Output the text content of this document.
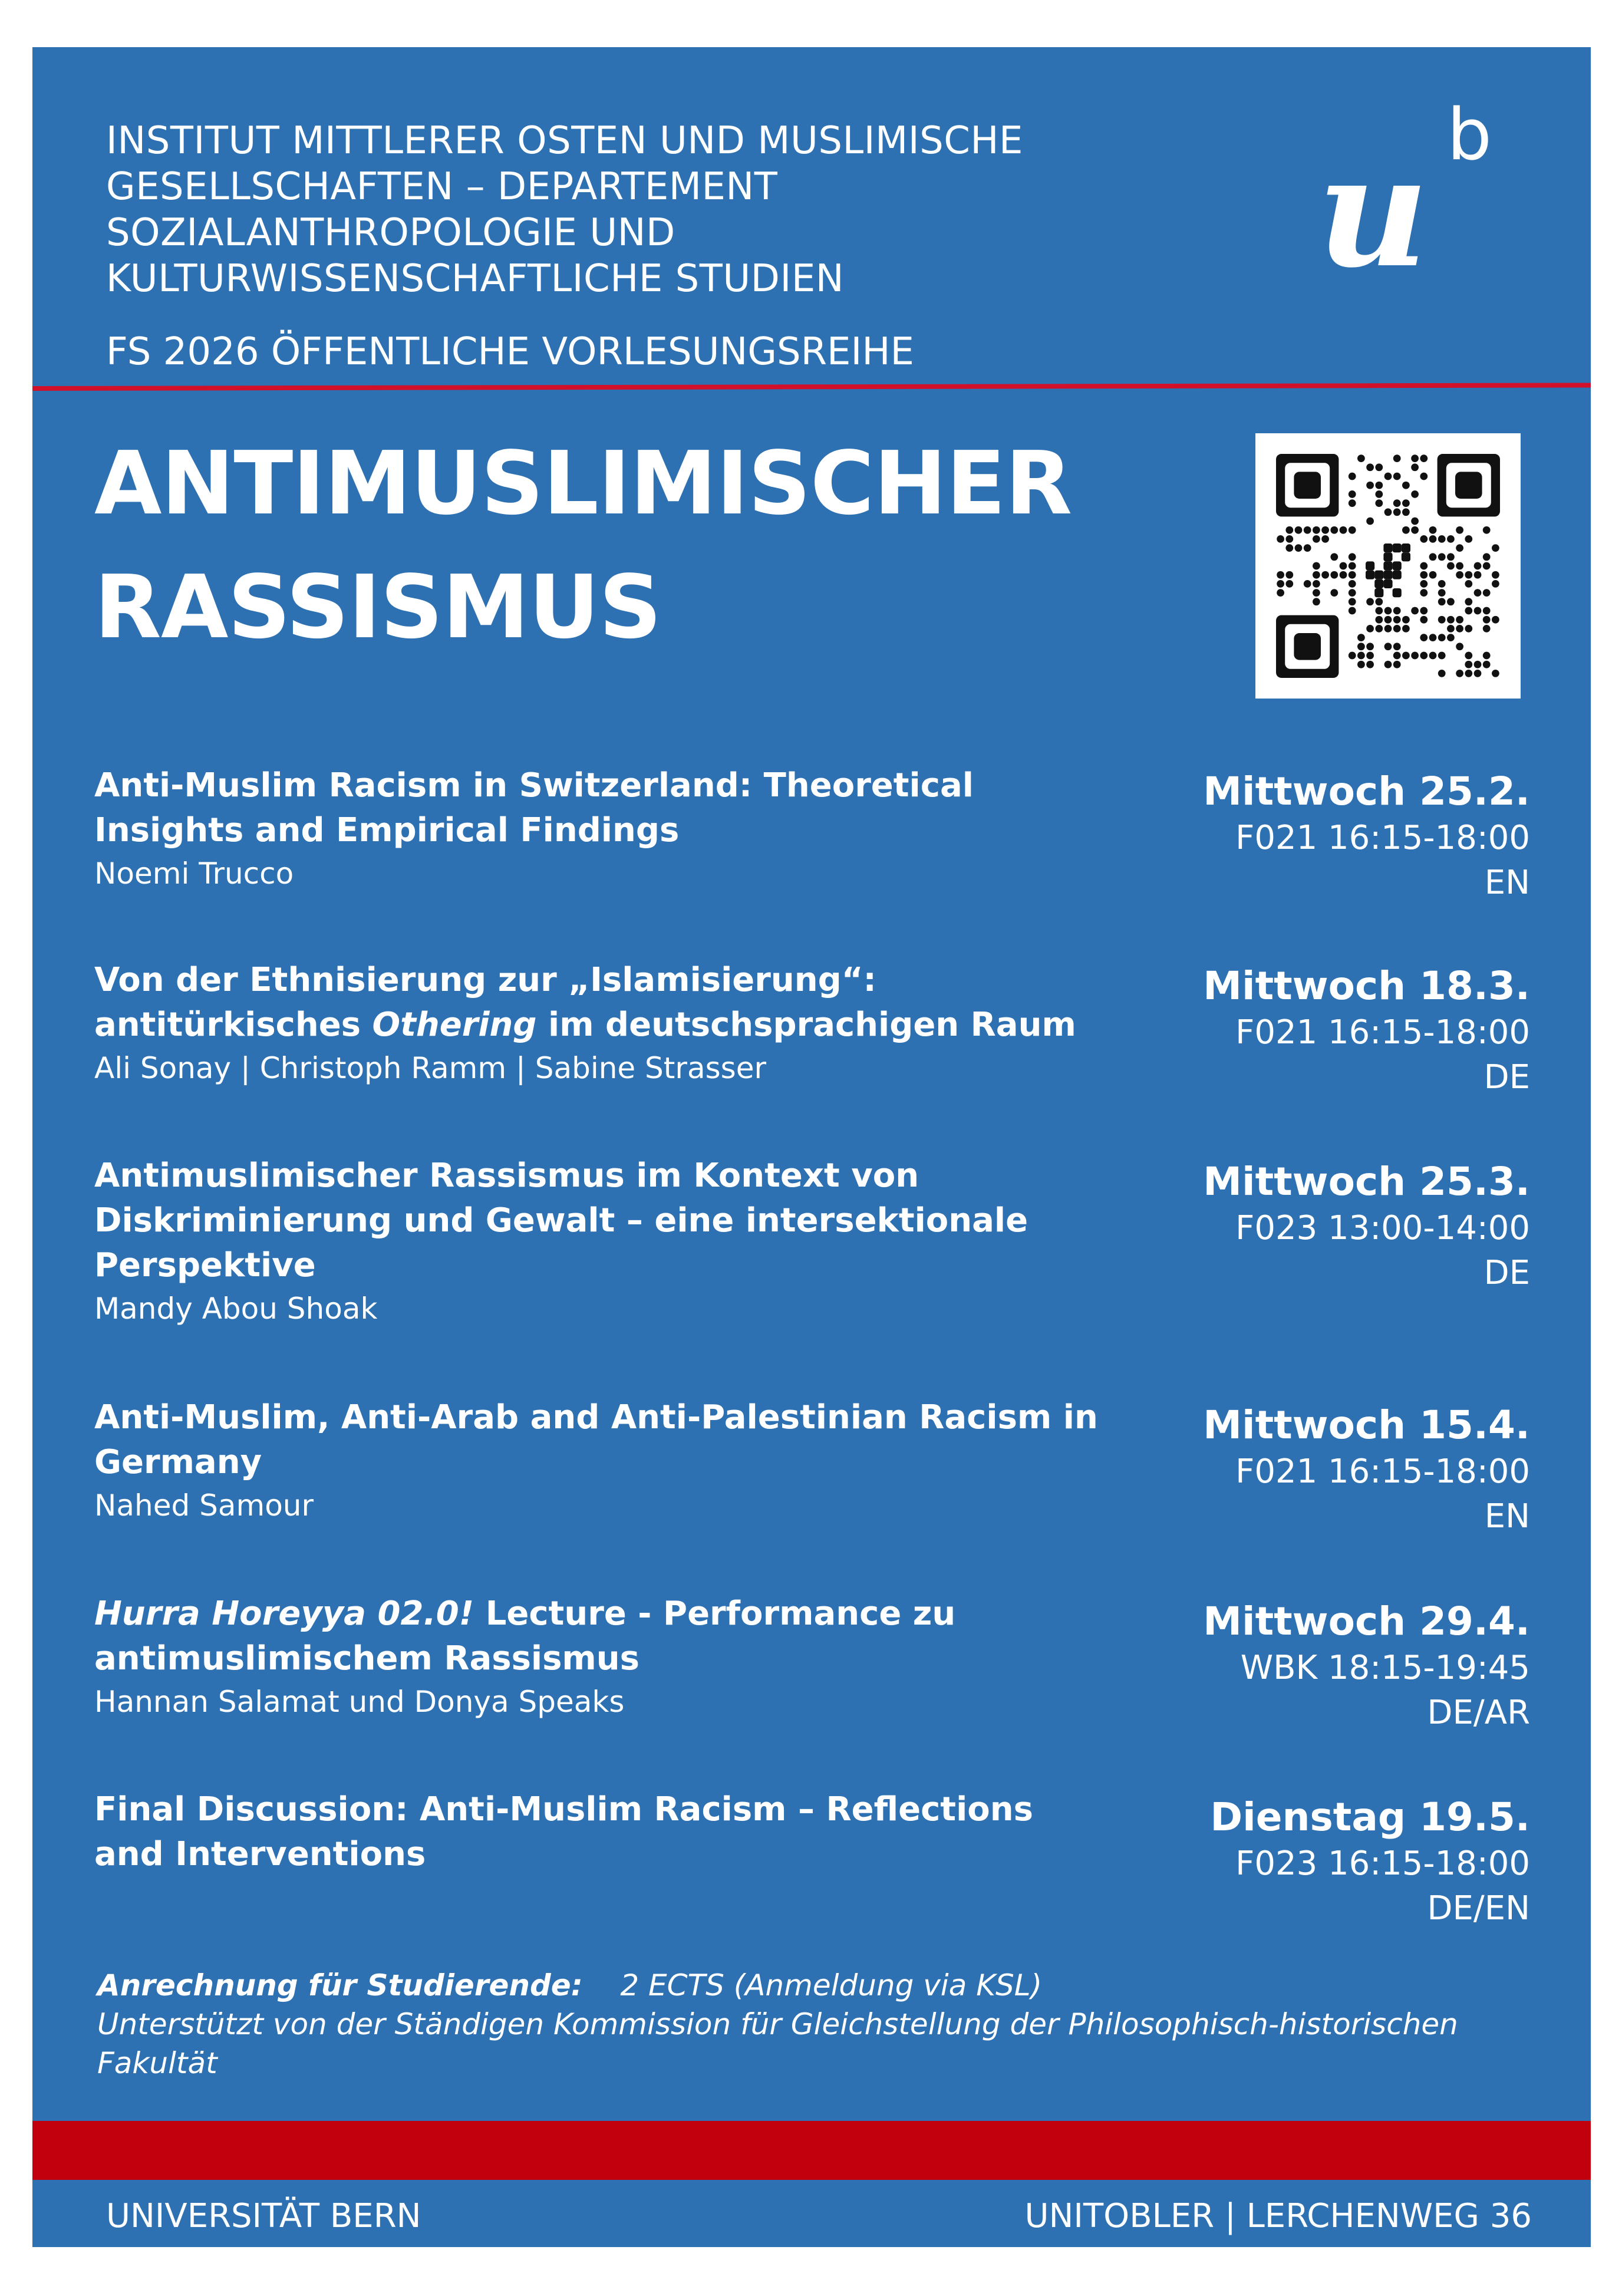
INSTITUT MITTLERER OSTEN UND MUSLIMISCHE
GESELLSCHAFTEN – DEPARTEMENT
SOZIALANTHROPOLOGIE UND
KULTURWISSENSCHAFTLICHE STUDIEN
FS 2026 ÖFFENTLICHE VORLESUNGSREIHE
u b
ANTIMUSLIMISCHER
RASSISMUS
Anti-Muslim Racism in Switzerland: Theoretical
Insights and Empirical Findings
Noemi Trucco
Mittwoch 25.2.
F021 16:15-18:00
EN
Von der Ethnisierung zur „Islamisierung“:
antitürkisches Othering im deutschsprachigen Raum
Ali Sonay | Christoph Ramm | Sabine Strasser
Mittwoch 18.3.
F021 16:15-18:00
DE
Antimuslimischer Rassismus im Kontext von
Diskriminierung und Gewalt – eine intersektionale
Perspektive
Mandy Abou Shoak
Mittwoch 25.3.
F023 13:00-14:00
DE
Anti-Muslim, Anti-Arab and Anti-Palestinian Racism in
Germany
Nahed Samour
Mittwoch 15.4.
F021 16:15-18:00
EN
Hurra Horeyya 02.0! Lecture - Performance zu
antimuslimischem Rassismus
Hannan Salamat und Donya Speaks
Mittwoch 29.4.
WBK 18:15-19:45
DE/AR
Final Discussion: Anti-Muslim Racism – Reflections
and Interventions
Dienstag 19.5.
F023 16:15-18:00
DE/EN
Anrechnung für Studierende: 2 ECTS (Anmeldung via KSL)
Unterstützt von der Ständigen Kommission für Gleichstellung der Philosophisch-historischen Fakultät
UNIVERSITÄT BERN	UNITOBLER | LERCHENWEG 36
